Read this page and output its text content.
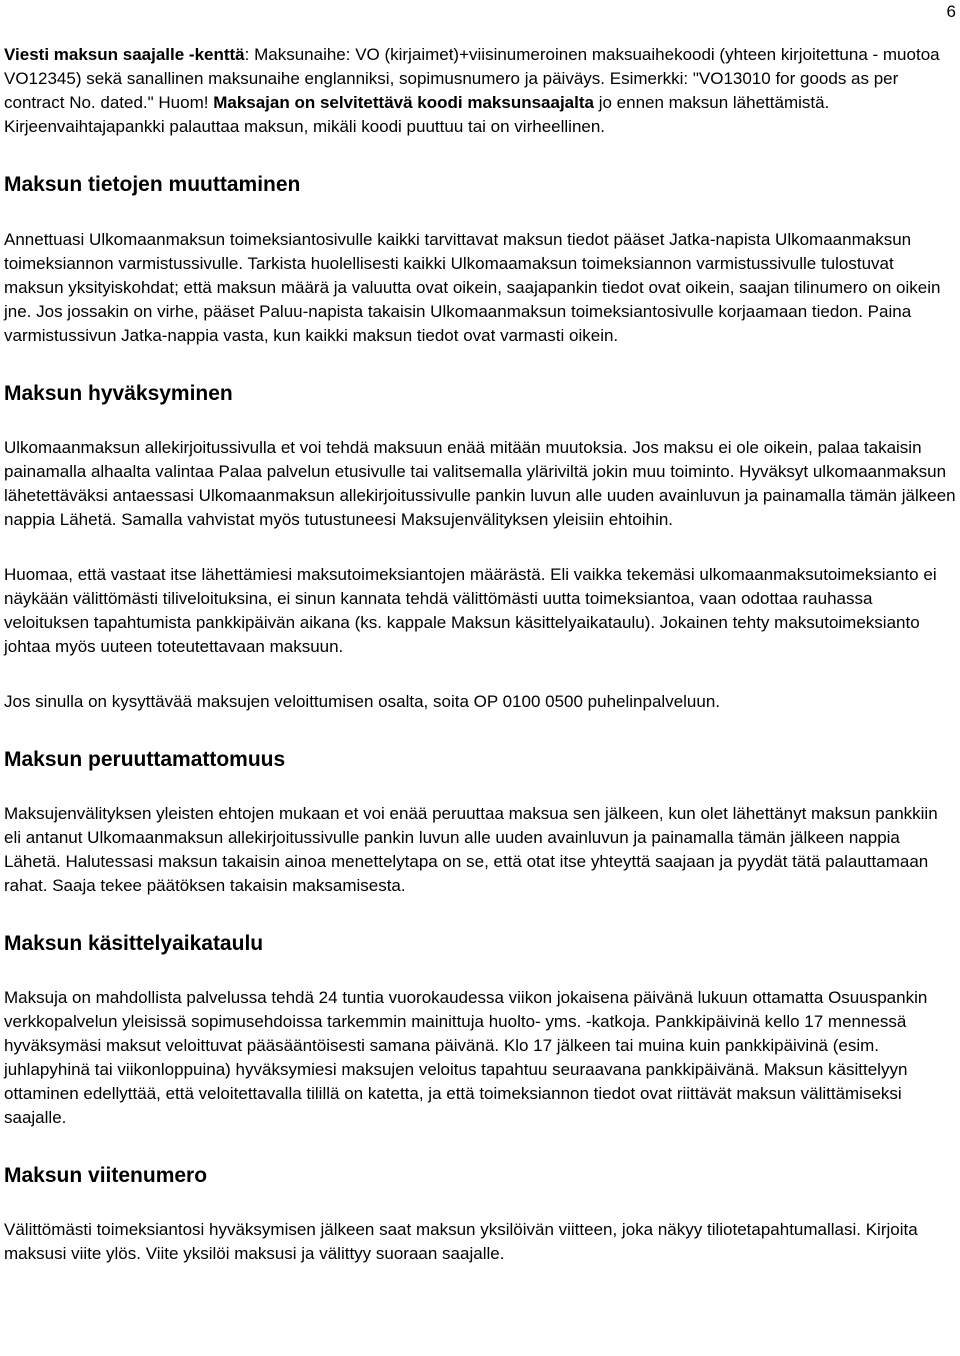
6

Viesti maksun saajalle -kenttä: Maksunaihe: VO (kirjaimet)+viisinumeroinen maksuaihekoodi (yhteen kirjoitettuna - muotoa VO12345) sekä sanallinen maksunaihe englanniksi, sopimusnumero ja päiväys. Esimerkki: "VO13010 for goods as per contract No. dated." Huom! Maksajan on selvitettävä koodi maksunsaajalta jo ennen maksun lähettämistä. Kirjeenvaihtajapankki palauttaa maksun, mikäli koodi puuttuu tai on virheellinen.

Maksun tietojen muuttaminen

Annettuasi Ulkomaanmaksun toimeksiantosivulle kaikki tarvittavat maksun tiedot pääset Jatka-napista Ulkomaanmaksun toimeksiannon varmistussivulle. Tarkista huolellisesti kaikki Ulkomaamaksun toimeksiannon varmistussivulle tulostuvat maksun yksityiskohdat; että maksun määrä ja valuutta ovat oikein, saajapankin tiedot ovat oikein, saajan tilinumero on oikein jne. Jos jossakin on virhe, pääset Paluu-napista takaisin Ulkomaanmaksun toimeksiantosivulle korjaamaan tiedon. Paina varmistussivun Jatka-nappia vasta, kun kaikki maksun tiedot ovat varmasti oikein.

Maksun hyväksyminen

Ulkomaanmaksun allekirjoitussivulla et voi tehdä maksuun enää mitään muutoksia. Jos maksu ei ole oikein, palaa takaisin painamalla alhaalta valintaa Palaa palvelun etusivulle tai valitsemalla yläriviltä jokin muu toiminto. Hyväksyt ulkomaanmaksun lähetettäväksi antaessasi Ulkomaanmaksun allekirjoitussivulle pankin luvun alle uuden avainluvun ja painamalla tämän jälkeen nappia Lähetä. Samalla vahvistat myös tutustuneesi Maksujenvälityksen yleisiin ehtoihin.

Huomaa, että vastaat itse lähettämiesi maksutoimeksiantojen määrästä. Eli vaikka tekemäsi ulkomaanmaksutoimeksianto ei näykään välittömästi tiliveloituksina, ei sinun kannata tehdä välittömästi uutta toimeksiantoa, vaan odottaa rauhassa veloituksen tapahtumista pankkipäivän aikana (ks. kappale Maksun käsittelyaikataulu). Jokainen tehty maksutoimeksianto johtaa myös uuteen toteutettavaan maksuun.

Jos sinulla on kysyttävää maksujen veloittumisen osalta, soita OP 0100 0500 puhelinpalveluun.

Maksun peruuttamattomuus

Maksujenvälityksen yleisten ehtojen mukaan et voi enää peruuttaa maksua sen jälkeen, kun olet lähettänyt maksun pankkiin eli antanut Ulkomaanmaksun allekirjoitussivulle pankin luvun alle uuden avainluvun ja painamalla tämän jälkeen nappia Lähetä. Halutessasi maksun takaisin ainoa menettelytapa on se, että otat itse yhteyttä saajaan ja pyydät tätä palauttamaan rahat. Saaja tekee päätöksen takaisin maksamisesta.

Maksun käsittelyaikataulu

Maksuja on mahdollista palvelussa tehdä 24 tuntia vuorokaudessa viikon jokaisena päivänä lukuun ottamatta Osuuspankin verkkopalvelun yleisissä sopimusehdoissa tarkemmin mainittuja huolto- yms. -katkoja. Pankkipäivinä kello 17 mennessä hyväksymäsi maksut veloittuvat pääsääntöisesti samana päivänä. Klo 17 jälkeen tai muina kuin pankkipäivinä (esim. juhlapyhinä tai viikonloppuina) hyväksymiesi maksujen veloitus tapahtuu seuraavana pankkipäivänä. Maksun käsittelyyn ottaminen edellyttää, että veloitettavalla tilillä on katetta, ja että toimeksiannon tiedot ovat riittävät maksun välittämiseksi saajalle.

Maksun viitenumero

Välittömästi toimeksiantosi hyväksymisen jälkeen saat maksun yksilöivän viitteen, joka näkyy tiliotetapahtumallasi. Kirjoita maksusi viite ylös. Viite yksilöi maksusi ja välittyy suoraan saajalle.
